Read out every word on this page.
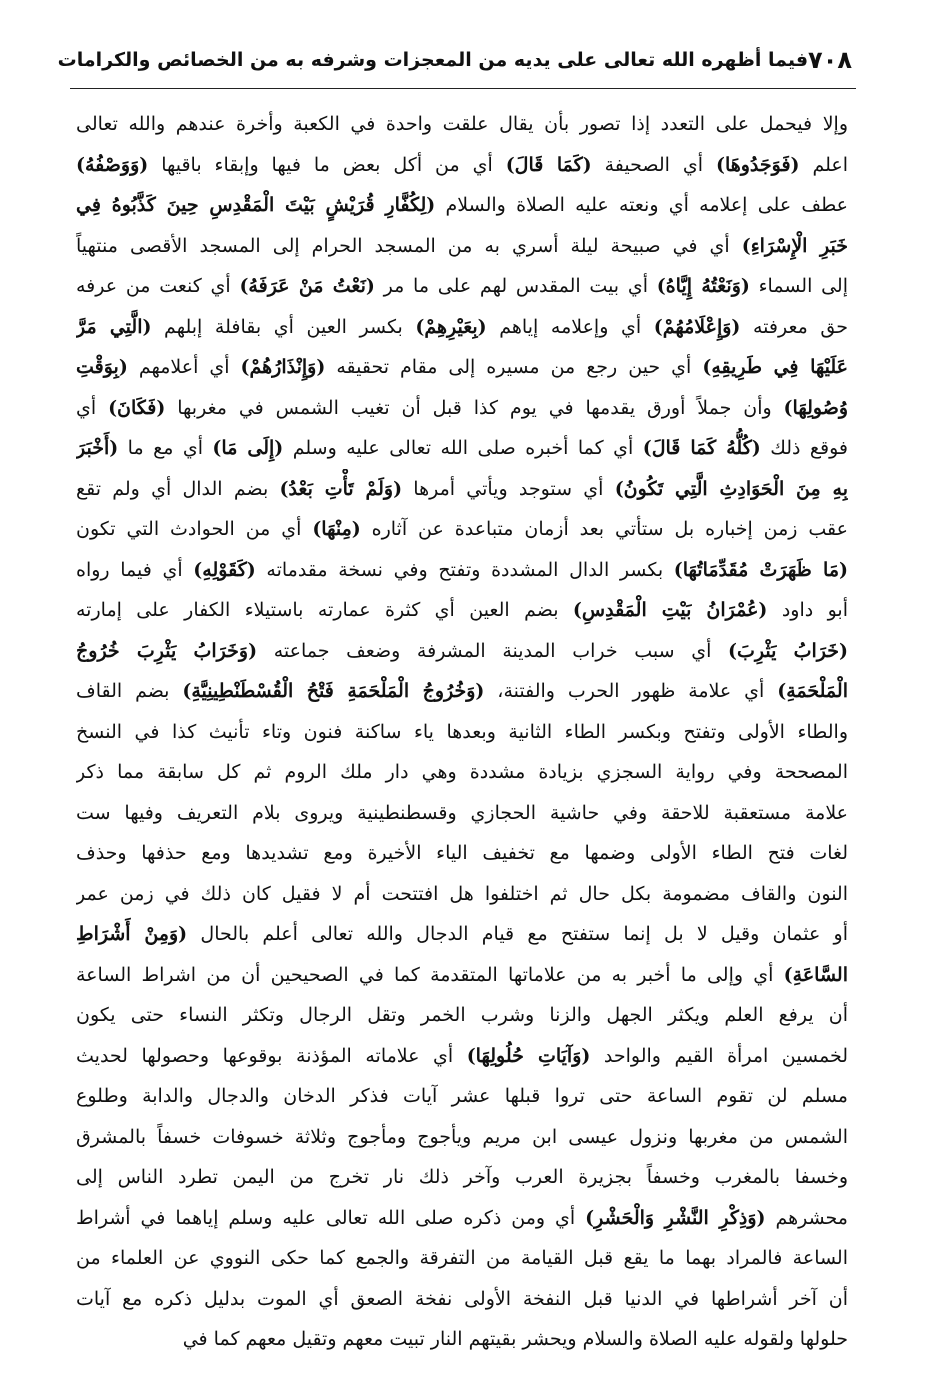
٧٠٨
فيما أظهره الله تعالى على يديه من المعجزات وشرفه به من الخصائص والكرامات
وإلا فيحمل على التعدد إذا تصور بأن يقال علقت واحدة في الكعبة وأخرة عندهم والله تعالى
اعلم (فَوَجَدُوهَا) أي الصحيفة (كَمَا قَالَ) أي من أكل بعض ما فيها وإبقاء باقيها (وَوَصْفُهُ)
عطف على إعلامه أي ونعته عليه الصلاة والسلام (لِكُفَّارِ قُرَيْشٍ بَيْتَ الْمَقْدِسِ حِينَ كَذَّبُوهُ فِي
خَبَرِ الْإِسْرَاءِ) أي في صبيحة ليلة أسري به من المسجد الحرام إلى المسجد الأقصى منتهياً
إلى السماء (وَنَعْتُهُ إِيَّاهُ) أي بيت المقدس لهم على ما مر (نَعْتُ مَنْ عَرَفَهُ) أي كنعت من عرفه
حق معرفته (وَإِعْلَامُهُمْ) أي وإعلامه إياهم (بِعَيْرِهِمْ) بكسر العين أي بقافلة إبلهم (الَّتِي مَرَّ
عَلَيْهَا فِي طَرِيقِهِ) أي حين رجع من مسيره إلى مقام تحقيقه (وَإِنْذَارُهُمْ) أي أعلامهم (بِوَقْتِ
وُصُولِهَا) وأن جملاً أورق يقدمها في يوم كذا قبل أن تغيب الشمس في مغربها (فَكَانَ) أي
فوقع ذلك (كُلُّهُ كَمَا قَالَ) أي كما أخبره صلى الله تعالى عليه وسلم (إِلَى مَا) أي مع ما (أَخْبَرَ
بِهِ مِنَ الْحَوَادِثِ الَّتِي تَكُونُ) أي ستوجد ويأتي أمرها (وَلَمْ تَأْتِ بَعْدُ) بضم الدال أي ولم تقع
عقب زمن إخباره بل ستأتي بعد أزمان متباعدة عن آثاره (مِنْهَا) أي من الحوادث التي تكون
(مَا ظَهَرَتْ مُقَدِّمَاتُهَا) بكسر الدال المشددة وتفتح وفي نسخة مقدماته (كَقَوْلِهِ) أي فيما رواه
أبو داود (عُمْرَانُ بَيْتِ الْمَقْدِسِ) بضم العين أي كثرة عمارته باستيلاء الكفار على إمارته
(خَرَابُ يَثْرِبَ) أي سبب خراب المدينة المشرفة وضعف جماعته (وَخَرَابُ يَثْرِبَ خُرُوجُ
الْمَلْحَمَةِ) أي علامة ظهور الحرب والفتنة، (وَخُرُوجُ الْمَلْحَمَةِ فَتْحُ الْقُسْطَنْطِينِيَّةِ) بضم القاف
والطاء الأولى وتفتح وبكسر الطاء الثانية وبعدها ياء ساكنة فنون وتاء تأنيث كذا في النسخ
المصححة وفي رواية السجزي بزيادة مشددة وهي دار ملك الروم ثم كل سابقة مما ذكر
علامة مستعقبة للاحقة وفي حاشية الحجازي وقسطنطينية ويروى بلام التعريف وفيها ست
لغات فتح الطاء الأولى وضمها مع تخفيف الياء الأخيرة ومع تشديدها ومع حذفها وحذف
النون والقاف مضمومة بكل حال ثم اختلفوا هل افتتحت أم لا فقيل كان ذلك في زمن عمر
أو عثمان وقيل لا بل إنما ستفتح مع قيام الدجال والله تعالى أعلم بالحال (وَمِنْ أَشْرَاطِ
السَّاعَةِ) أي وإلى ما أخبر به من علاماتها المتقدمة كما في الصحيحين أن من اشراط الساعة
أن يرفع العلم ويكثر الجهل والزنا وشرب الخمر وتقل الرجال وتكثر النساء حتى يكون
لخمسين امرأة القيم والواحد (وَآيَاتِ حُلُولِهَا) أي علاماته المؤذنة بوقوعها وحصولها لحديث
مسلم لن تقوم الساعة حتى تروا قبلها عشر آيات فذكر الدخان والدجال والدابة وطلوع
الشمس من مغربها ونزول عيسى ابن مريم ويأجوج ومأجوج وثلاثة خسوفات خسفاً بالمشرق
وخسفا بالمغرب وخسفاً بجزيرة العرب وآخر ذلك نار تخرج من اليمن تطرد الناس إلى
محشرهم (وَذِكْرِ النَّشْرِ وَالْحَشْرِ) أي ومن ذكره صلى الله تعالى عليه وسلم إياهما في أشراط
الساعة فالمراد بهما ما يقع قبل القيامة من التفرقة والجمع كما حكى النووي عن العلماء من
أن آخر أشراطها في الدنيا قبل النفخة الأولى نفخة الصعق أي الموت بدليل ذكره مع آيات
حلولها ولقوله عليه الصلاة والسلام ويحشر بقيتهم النار تبيت معهم وتقيل معهم كما في
